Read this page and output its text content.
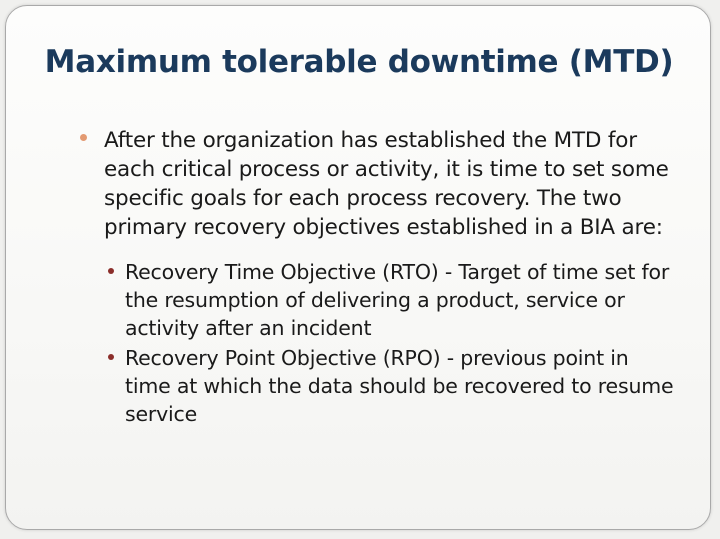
Maximum tolerable downtime (MTD)
After the organization has established the MTD for each critical process or activity, it is time to set some specific goals for each process recovery. The two primary recovery objectives established in a BIA are:
Recovery Time Objective (RTO) - Target of time set for the resumption of delivering a product, service or activity after an incident
Recovery Point Objective (RPO) - previous point in time at which the data should be recovered to resume service
